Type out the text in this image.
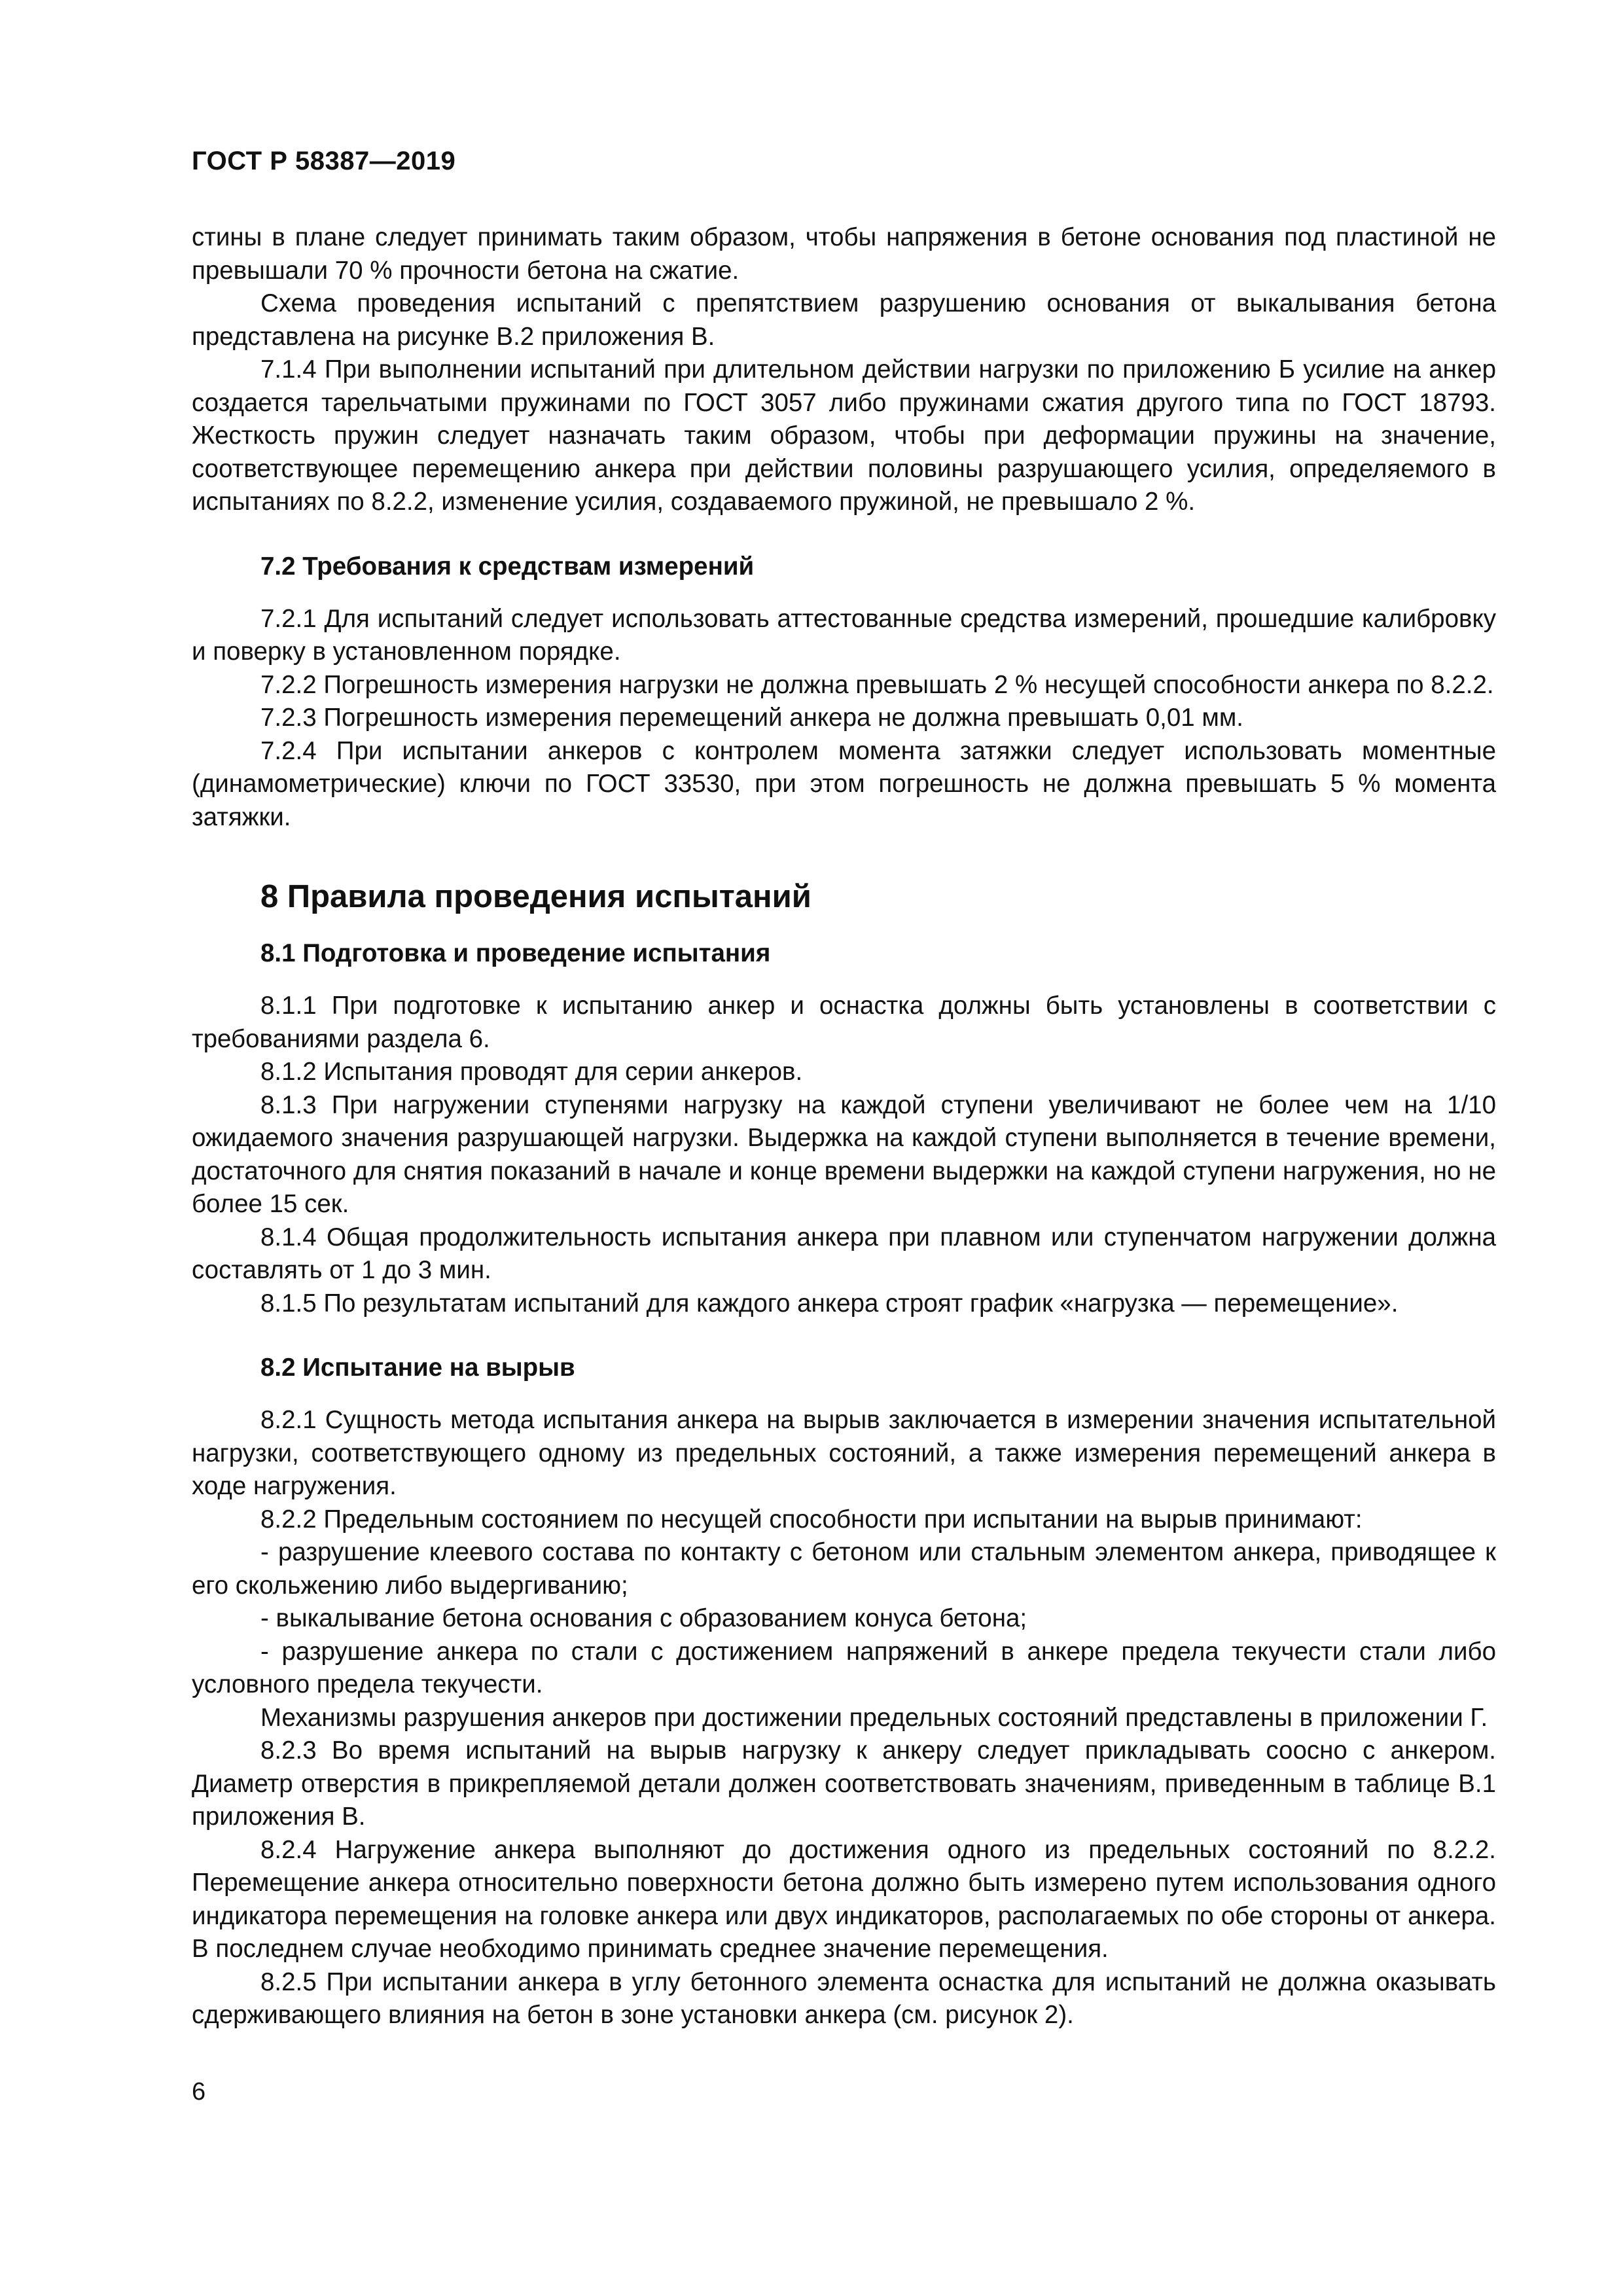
ГОСТ Р 58387—2019

стины в плане следует принимать таким образом, чтобы напряжения в бетоне основания под пластиной не превышали 70 % прочности бетона на сжатие.

Схема проведения испытаний с препятствием разрушению основания от выкалывания бетона представлена на рисунке В.2 приложения В.

7.1.4 При выполнении испытаний при длительном действии нагрузки по приложению Б усилие на анкер создается тарельчатыми пружинами по ГОСТ 3057 либо пружинами сжатия другого типа по ГОСТ 18793. Жесткость пружин следует назначать таким образом, чтобы при деформации пружины на значение, соответствующее перемещению анкера при действии половины разрушающего усилия, определяемого в испытаниях по 8.2.2, изменение усилия, создаваемого пружиной, не превышало 2 %.

7.2 Требования к средствам измерений

7.2.1 Для испытаний следует использовать аттестованные средства измерений, прошедшие калибровку и поверку в установленном порядке.

7.2.2 Погрешность измерения нагрузки не должна превышать 2 % несущей способности анкера по 8.2.2.

7.2.3 Погрешность измерения перемещений анкера не должна превышать 0,01 мм.

7.2.4 При испытании анкеров с контролем момента затяжки следует использовать моментные (динамометрические) ключи по ГОСТ 33530, при этом погрешность не должна превышать 5 % момента затяжки.

8 Правила проведения испытаний
8.1 Подготовка и проведение испытания

8.1.1 При подготовке к испытанию анкер и оснастка должны быть установлены в соответствии с требованиями раздела 6.

8.1.2 Испытания проводят для серии анкеров.

8.1.3 При нагружении ступенями нагрузку на каждой ступени увеличивают не более чем на 1/10 ожидаемого значения разрушающей нагрузки. Выдержка на каждой ступени выполняется в течение времени, достаточного для снятия показаний в начале и конце времени выдержки на каждой ступени нагружения, но не более 15 сек.

8.1.4 Общая продолжительность испытания анкера при плавном или ступенчатом нагружении должна составлять от 1 до 3 мин.

8.1.5 По результатам испытаний для каждого анкера строят график «нагрузка — перемещение».

8.2 Испытание на вырыв

8.2.1 Сущность метода испытания анкера на вырыв заключается в измерении значения испытательной нагрузки, соответствующего одному из предельных состояний, а также измерения перемещений анкера в ходе нагружения.

8.2.2 Предельным состоянием по несущей способности при испытании на вырыв принимают:

- разрушение клеевого состава по контакту с бетоном или стальным элементом анкера, приводящее к его скольжению либо выдергиванию;

- выкалывание бетона основания с образованием конуса бетона;

- разрушение анкера по стали с достижением напряжений в анкере предела текучести стали либо условного предела текучести.

Механизмы разрушения анкеров при достижении предельных состояний представлены в приложении Г.

8.2.3 Во время испытаний на вырыв нагрузку к анкеру следует прикладывать соосно с анкером. Диаметр отверстия в прикрепляемой детали должен соответствовать значениям, приведенным в таблице В.1 приложения В.

8.2.4 Нагружение анкера выполняют до достижения одного из предельных состояний по 8.2.2. Перемещение анкера относительно поверхности бетона должно быть измерено путем использования одного индикатора перемещения на головке анкера или двух индикаторов, располагаемых по обе стороны от анкера. В последнем случае необходимо принимать среднее значение перемещения.

8.2.5 При испытании анкера в углу бетонного элемента оснастка для испытаний не должна оказывать сдерживающего влияния на бетон в зоне установки анкера (см. рисунок 2).

6
